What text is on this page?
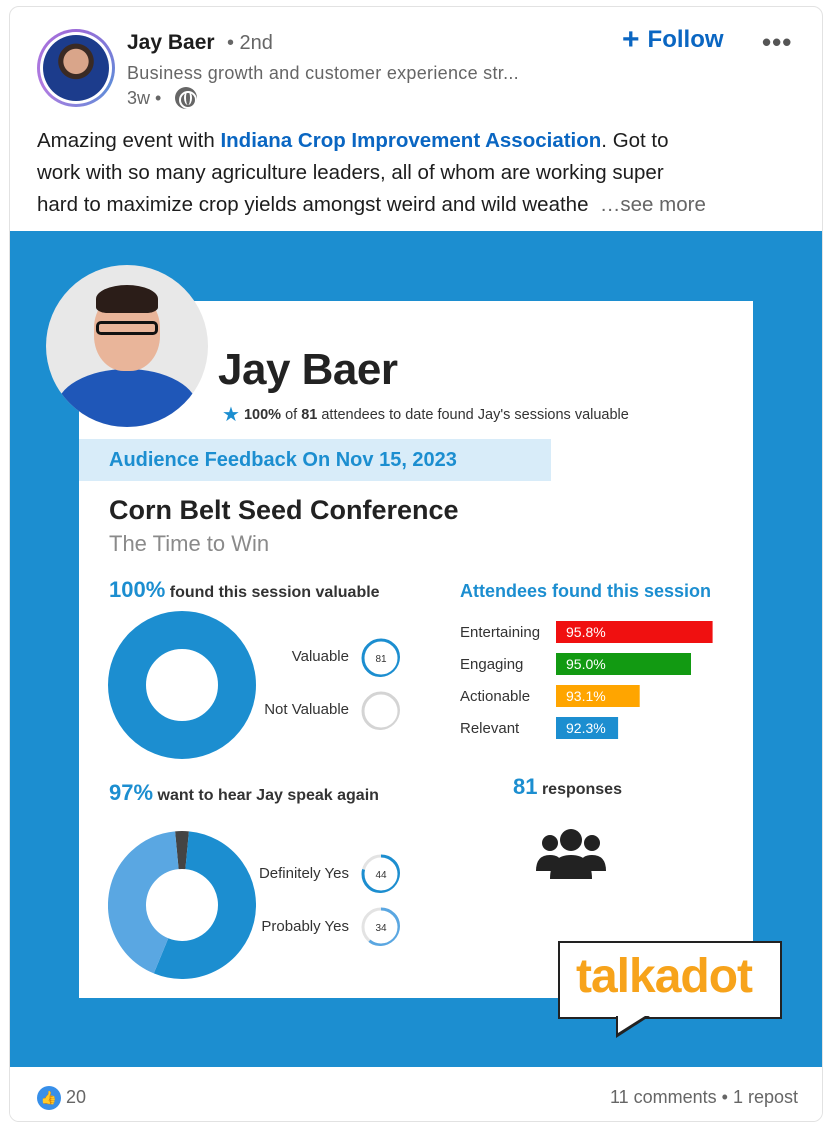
Jay Baer • 2nd
Business growth and customer experience str...
3w •
+ Follow •••
Amazing event with Indiana Crop Improvement Association. Got to
work with so many agriculture leaders, all of whom are working super
hard to maximize crop yields amongst weird and wild weathe …see more
Jay Baer
★ 100% of 81 attendees to date found Jay's sessions valuable
Audience Feedback On Nov 15, 2023
Corn Belt Seed Conference
The Time to Win
100% found this session valuable	Attendees found this session
Valuable
Not Valuable
81
Entertaining 95.8%
Engaging	95.0%
Actionable	93.1%
Relevant	92.3%
97% want to hear Jay speak again	81 responses
Definitely Yes
Probably Yes
44
34
talkadot
👍 20	11 comments • 1 repost
